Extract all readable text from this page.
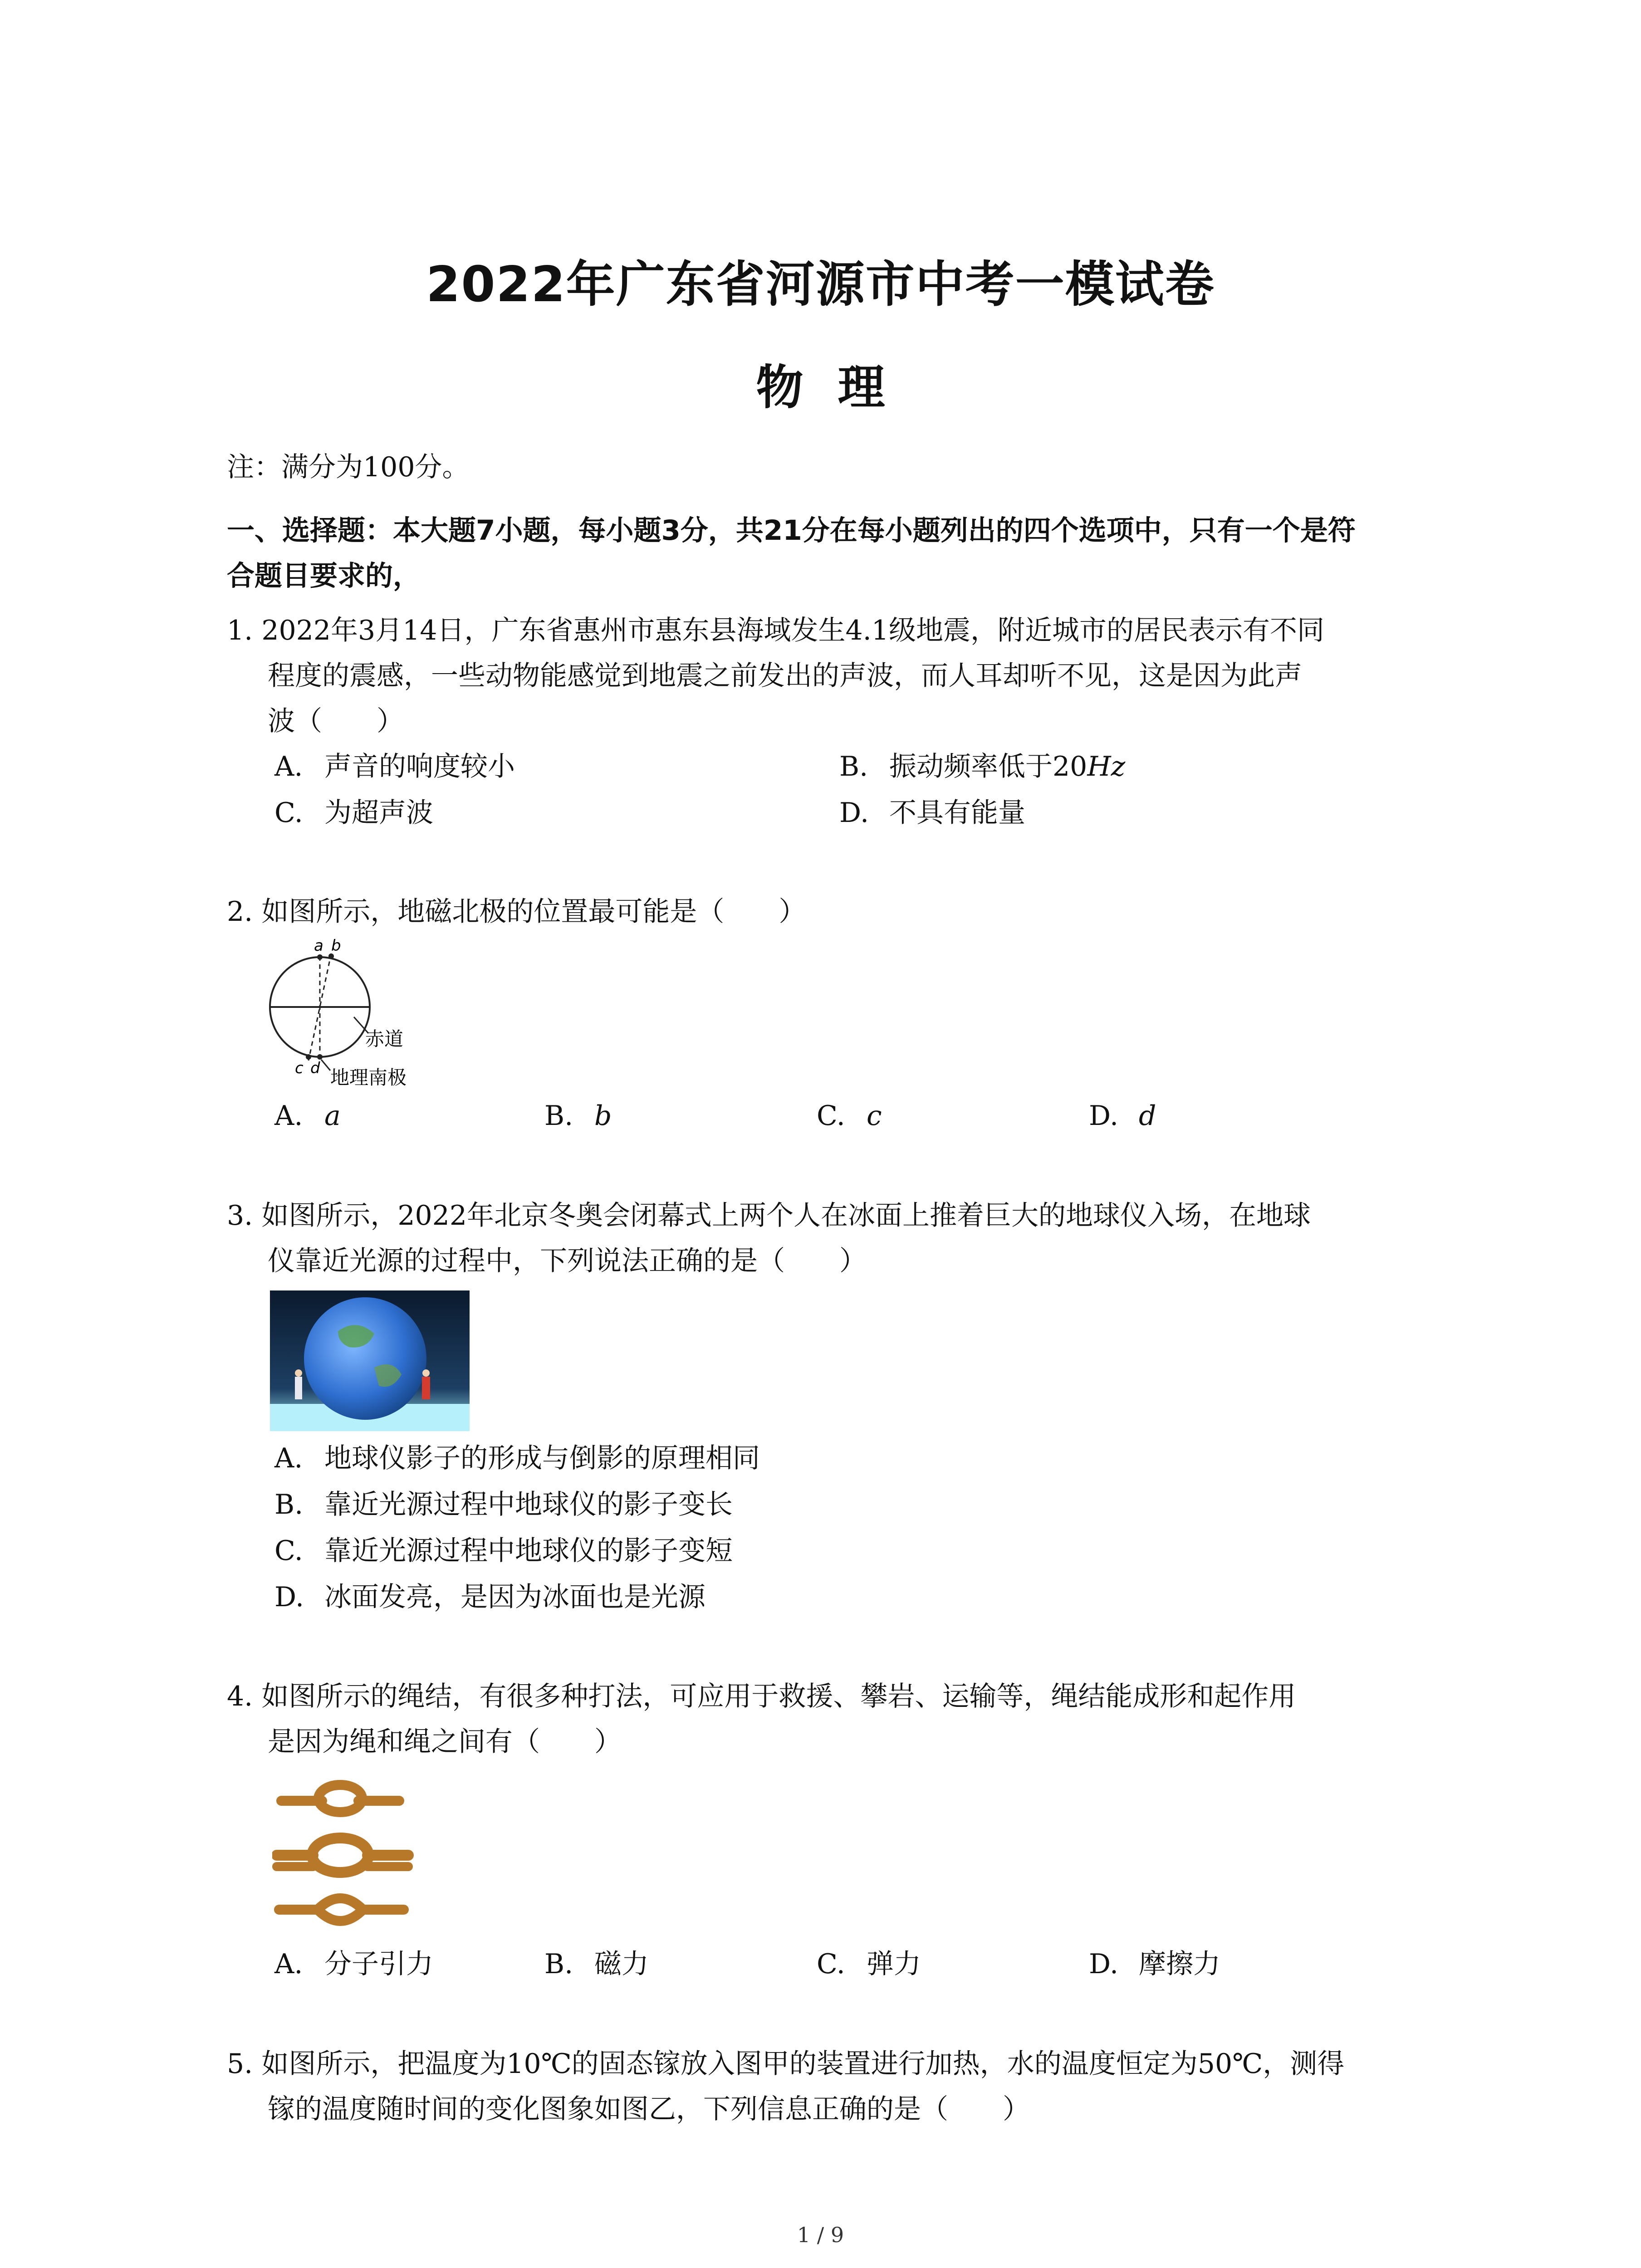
2022年广东省河源市中考一模试卷
物 理
注：满分为100分。
一、选择题：本大题7小题，每小题3分，共21分在每小题列出的四个选项中，只有一个是符
合题目要求的，
1. 2022年3月14日，广东省惠州市惠东县海域发生4.1级地震，附近城市的居民表示有不同
程度的震感，一些动物能感觉到地震之前发出的声波，而人耳却听不见，这是因为此声
波（　　）
A. 声音的响度较小	B. 振动频率低于20Hz
C. 为超声波	D. 不具有能量
2. 如图所示，地磁北极的位置最可能是（　　）
a b
c d
赤道
地理南极
A. a	B. b	C. c	D. d
3. 如图所示，2022年北京冬奥会闭幕式上两个人在冰面上推着巨大的地球仪入场，在地球
仪靠近光源的过程中，下列说法正确的是（　　）
A. 地球仪影子的形成与倒影的原理相同
B. 靠近光源过程中地球仪的影子变长
C. 靠近光源过程中地球仪的影子变短
D. 冰面发亮，是因为冰面也是光源
4. 如图所示的绳结，有很多种打法，可应用于救援、攀岩、运输等，绳结能成形和起作用
是因为绳和绳之间有（　　）
A. 分子引力	B. 磁力	C. 弹力	D. 摩擦力
5. 如图所示，把温度为10℃的固态镓放入图甲的装置进行加热，水的温度恒定为50℃，测得
镓的温度随时间的变化图象如图乙，下列信息正确的是（　　）
1 / 9
